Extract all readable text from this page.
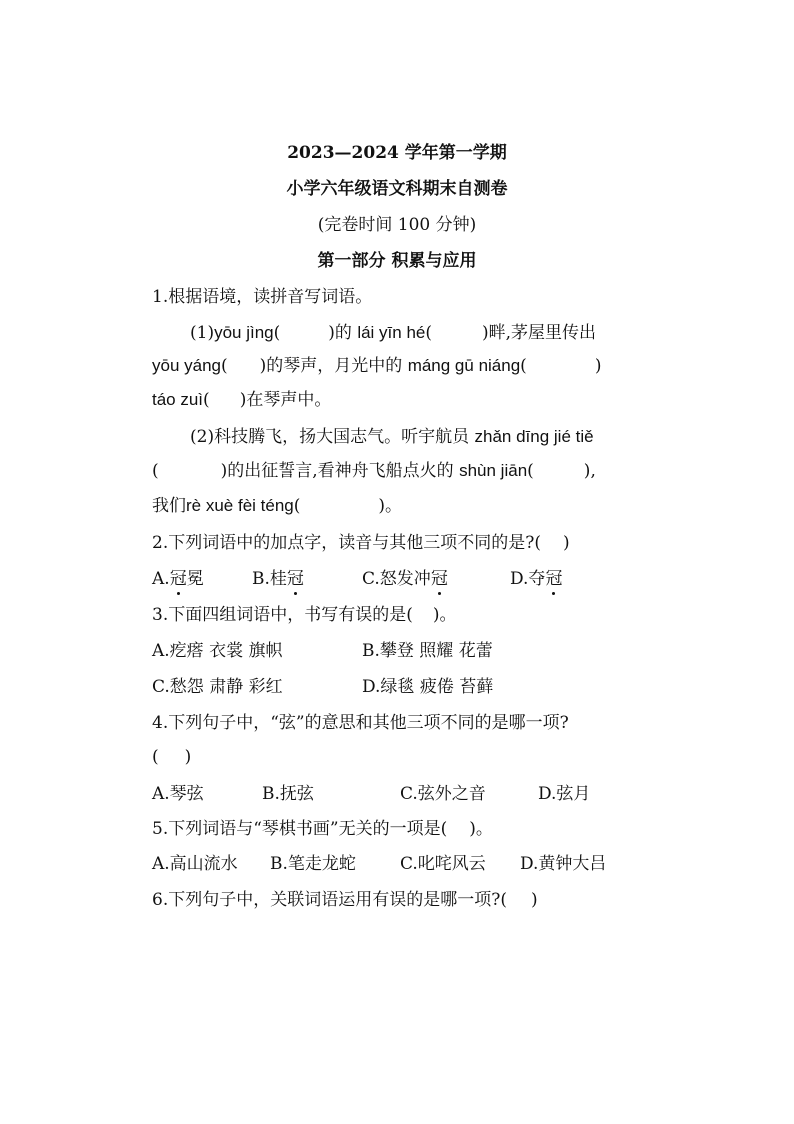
2023—2024 学年第一学期
小学六年级语文科期末自测卷
(完卷时间 100 分钟)
第一部分 积累与应用
1.根据语境，读拼音写词语。
(1)yōu jìng(	)的 lái yīn hé(	)畔,茅屋里传出
yōu yáng( )的琴声，月光中的 máng gū niáng(	)
táo zuì( )在琴声中。
(2)科技腾飞，扬大国志气。听宇航员 zhǎn dīng jié tiě
(	)的出征誓言,看神舟飞船点火的 shùn jiān(	),
我们rè xuè fèi téng(	)。
2.下列词语中的加点字，读音与其他三项不同的是?( )
A.冠冕	B.桂冠	C.怒发冲冠	D.夺冠
3.下面四组词语中，书写有误的是( )。
A.疙瘩 衣裳 旗帜	B.攀登 照耀 花蕾
C.愁怨 肃静 彩红	D.绿毯 疲倦 苔藓
4.下列句子中，“弦”的意思和其他三项不同的是哪一项?
( )
A.琴弦	B.抚弦	C.弦外之音	D.弦月
5.下列词语与“琴棋书画”无关的一项是( )。
A.高山流水 B.笔走龙蛇	C.叱咤风云 D.黄钟大吕
6.下列句子中，关联词语运用有误的是哪一项?( )
